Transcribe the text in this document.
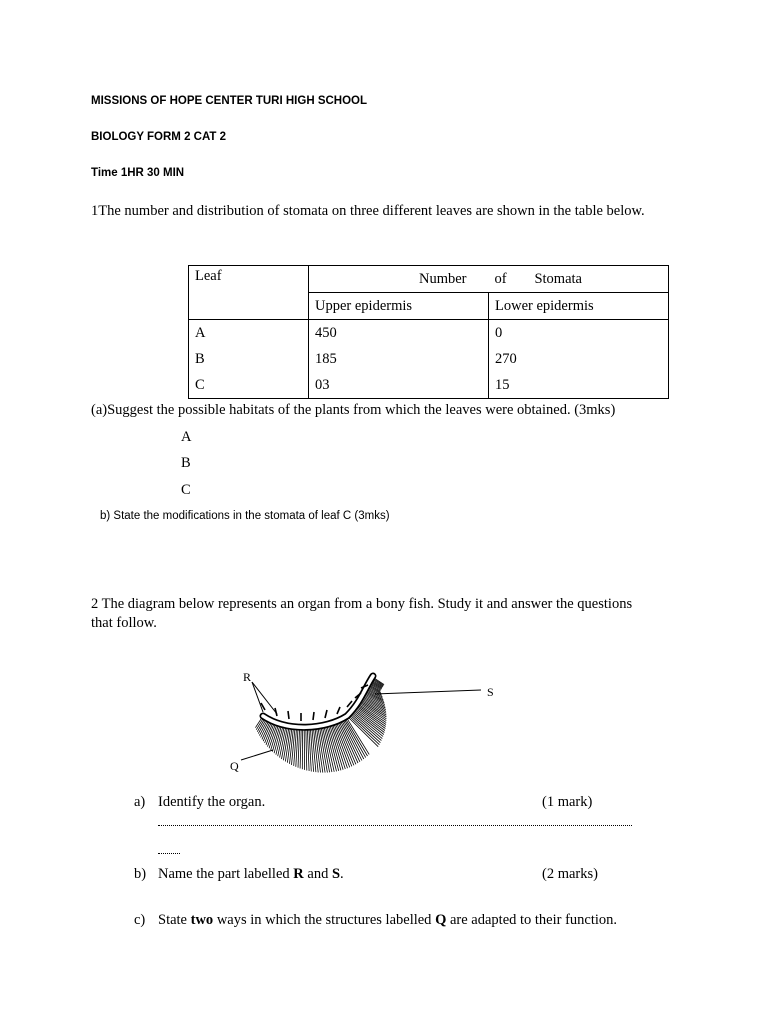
MISSIONS OF HOPE CENTER TURI HIGH SCHOOL
BIOLOGY FORM 2 CAT 2
Time 1HR 30 MIN
1The number and distribution of stomata on three different leaves are shown in the table below.
Leaf	Number of Stomata	

	Upper epidermis	Lower epidermis
A	450	0
B	185	270
C	03	15
(a)Suggest the possible habitats of the plants from which the leaves were obtained. (3mks)
A
B
C
b) State the modifications in the stomata of leaf C (3mks)
2 The diagram below represents an organ from a bony fish. Study it and answer the questions
that follow.
R
S
Q
a) Identify the organ.	(1 mark)
b) Name the part labelled R and S.	(2 marks)
c) State two ways in which the structures labelled Q are adapted to their function.
